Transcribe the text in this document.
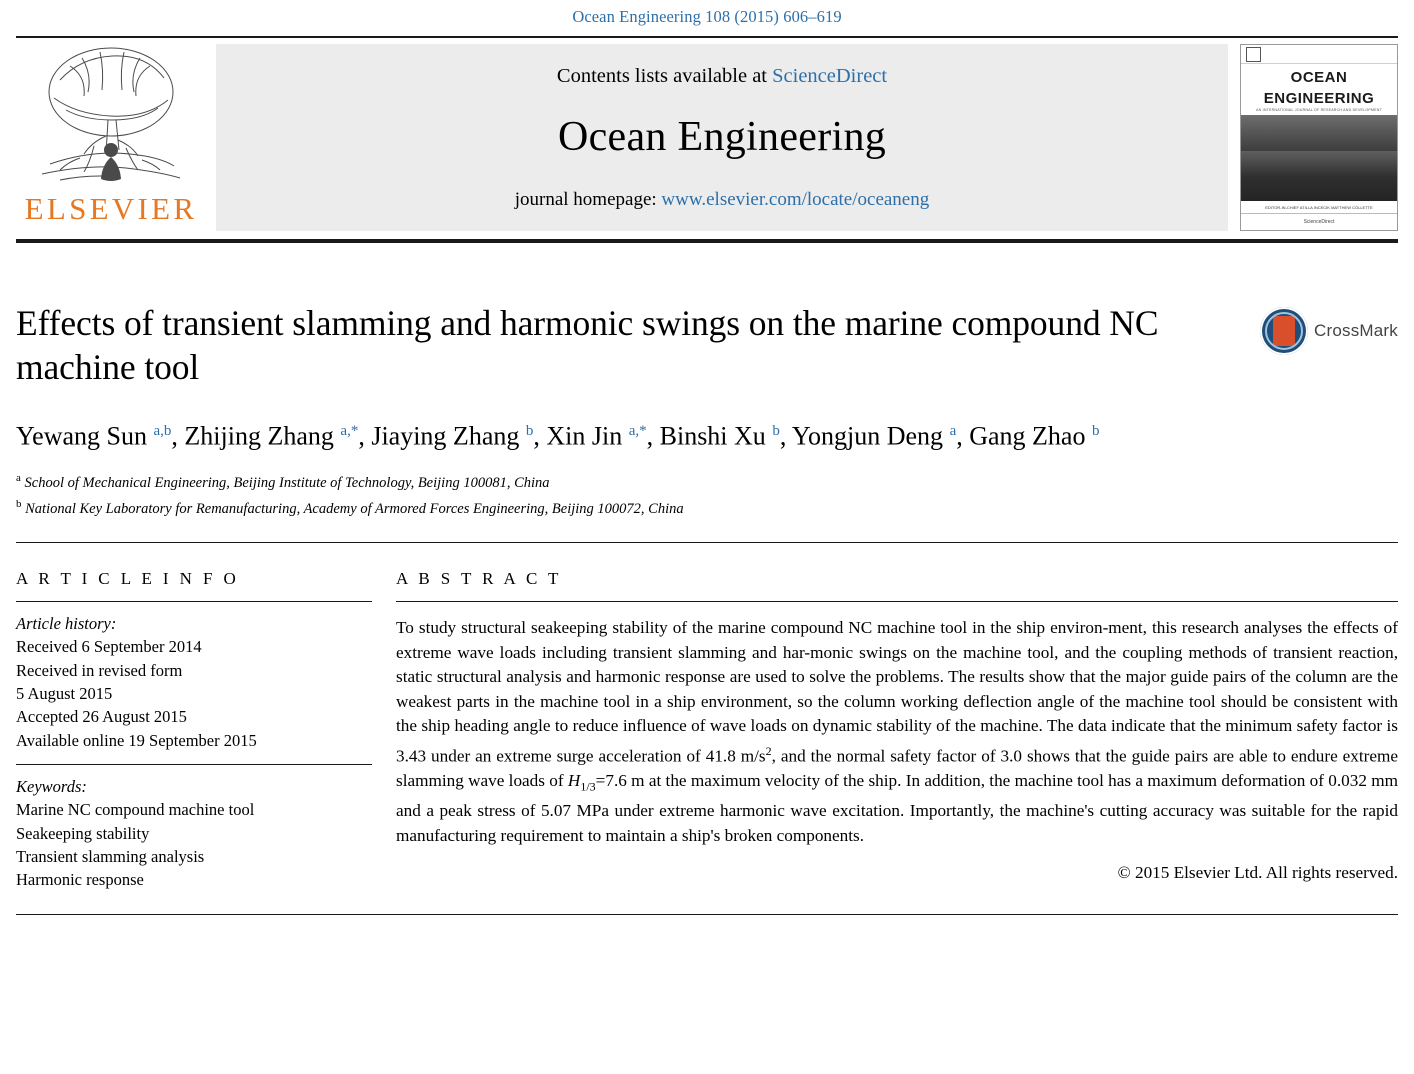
Ocean Engineering 108 (2015) 606–619
ELSEVIER
Contents lists available at ScienceDirect
Ocean Engineering
journal homepage: www.elsevier.com/locate/oceaneng
OCEAN
ENGINEERING
AN INTERNATIONAL JOURNAL OF RESEARCH AND DEVELOPMENT
EDITOR-IN-CHIEF ATILLA INCECIK MATTHEW COLLETTE
ScienceDirect
Effects of transient slamming and harmonic swings on the marine compound NC machine tool
CrossMark
Yewang Sun $^{a,b}$, Zhijing Zhang $^{a,*}$, Jiaying Zhang $^b$, Xin Jin $^{a,*}$, Binshi Xu $^b$, Yongjun Deng $^a$, Gang Zhao $^b$
$^a$ School of Mechanical Engineering, Beijing Institute of Technology, Beijing 100081, China
$^b$ National Key Laboratory for Remanufacturing, Academy of Armored Forces Engineering, Beijing 100072, China
A R T I C L E I N F O
Article history:
Received 6 September 2014
Received in revised form
5 August 2015
Accepted 26 August 2015
Available online 19 September 2015
Keywords:
Marine NC compound machine tool
Seakeeping stability
Transient slamming analysis
Harmonic response
A B S T R A C T
To study structural seakeeping stability of the marine compound NC machine tool in the ship environ-ment, this research analyses the effects of extreme wave loads including transient slamming and har-monic swings on the machine tool, and the coupling methods of transient reaction, static structural analysis and harmonic response are used to solve the problems. The results show that the major guide pairs of the column are the weakest parts in the machine tool in a ship environment, so the column working deflection angle of the machine tool should be consistent with the ship heading angle to reduce influence of wave loads on dynamic stability of the machine. The data indicate that the minimum safety factor is 3.43 under an extreme surge acceleration of 41.8 $m/s^2$, and the normal safety factor of 3.0 shows that the guide pairs are able to endure extreme slamming wave loads of $H_{1/3}=7.6$ m at the maximum velocity of the ship. In addition, the machine tool has a maximum deformation of 0.032 mm and a peak stress of 5.07 MPa under extreme harmonic wave excitation. Importantly, the machine's cutting accuracy was suitable for the rapid manufacturing requirement to maintain a ship's broken components.
© 2015 Elsevier Ltd. All rights reserved.
